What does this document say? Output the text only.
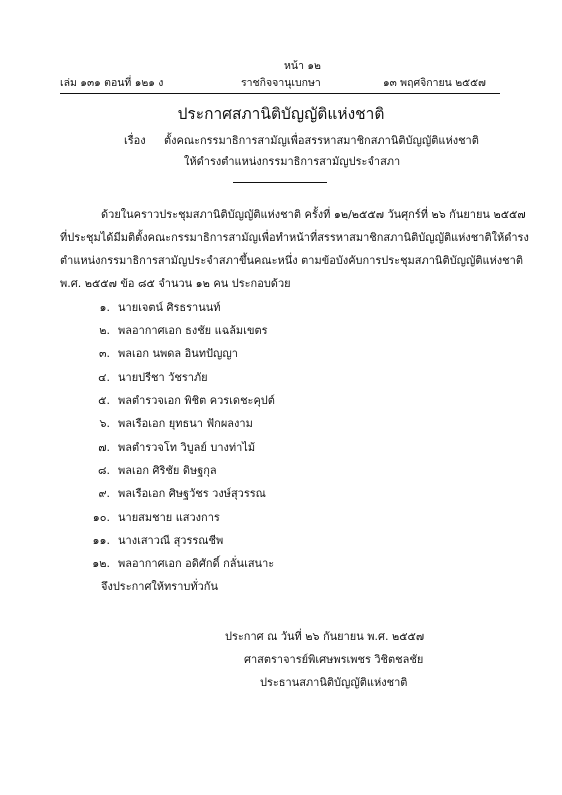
หน้า ๑๒
เล่ม ๑๓๑ ตอนที่ ๑๒๑ ง	ราชกิจจานุเบกษา	๑๓ พฤศจิกายน ๒๕๕๗
ประกาศสภานิติบัญญัติแห่งชาติ
เรื่อง ตั้งคณะกรรมาธิการสามัญเพื่อสรรหาสมาชิกสภานิติบัญญัติแห่งชาติ
ให้ดำรงตำแหน่งกรรมาธิการสามัญประจำสภา
ด้วยในคราวประชุมสภานิติบัญญัติแห่งชาติ ครั้งที่ ๑๒/๒๕๕๗ วันศุกร์ที่ ๒๖ กันยายน ๒๕๕๗
ที่ประชุมได้มีมติตั้งคณะกรรมาธิการสามัญเพื่อทำหน้าที่สรรหาสมาชิกสภานิติบัญญัติแห่งชาติให้ดำรง
ตำแหน่งกรรมาธิการสามัญประจำสภาขึ้นคณะหนึ่ง ตามข้อบังคับการประชุมสภานิติบัญญัติแห่งชาติ
พ.ศ. ๒๕๕๗ ข้อ ๘๕ จำนวน ๑๒ คน ประกอบด้วย
๑. นายเจตน์ ศิรธรานนท์
๒. พลอากาศเอก ธงชัย แฉล้มเขตร
๓. พลเอก นพดล อินทปัญญา
๔. นายปรีชา วัชราภัย
๕. พลตำรวจเอก พิชิต ควรเดชะคุปต์
๖. พลเรือเอก ยุทธนา ฟักผลงาม
๗. พลตำรวจโท วิบูลย์ บางท่าไม้
๘. พลเอก ศิริชัย ดิษฐกุล
๙. พลเรือเอก ศิษฐวัชร วงษ์สุวรรณ
๑๐. นายสมชาย แสวงการ
๑๑. นางเสาวณี สุวรรณชีพ
๑๒. พลอากาศเอก อดิศักดิ์ กลั่นเสนาะ
จึงประกาศให้ทราบทั่วกัน
ประกาศ ณ วันที่ ๒๖ กันยายน พ.ศ. ๒๕๕๗
ศาสตราจารย์พิเศษพรเพชร วิชิตชลชัย
ประธานสภานิติบัญญัติแห่งชาติ
